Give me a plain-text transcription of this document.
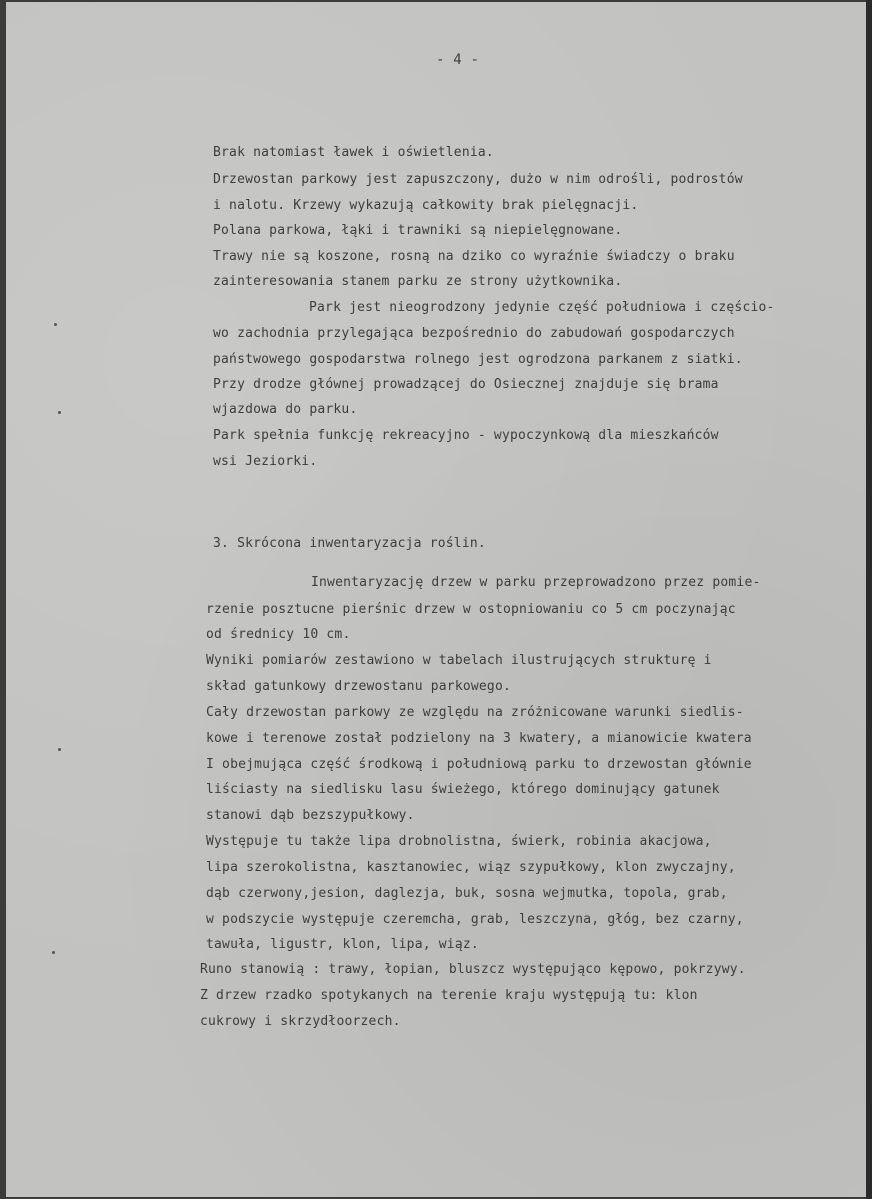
- 4 -
Brak natomiast ławek i oświetlenia.
Drzewostan parkowy jest zapuszczony, dużo w nim odrośli, podrostów
i nalotu. Krzewy wykazują całkowity brak pielęgnacji.
Polana parkowa, łąki i trawniki są niepielęgnowane.
Trawy nie są koszone, rosną na dziko co wyraźnie świadczy o braku
zainteresowania stanem parku ze strony użytkownika.
Park jest nieogrodzony jedynie część południowa i częścio-
wo zachodnia przylegająca bezpośrednio do zabudowań gospodarczych
państwowego gospodarstwa rolnego jest ogrodzona parkanem z siatki.
Przy drodze głównej prowadzącej do Osiecznej znajduje się brama
wjazdowa do parku.
Park spełnia funkcję rekreacyjno - wypoczynkową dla mieszkańców
wsi Jeziorki.
3. Skrócona inwentaryzacja roślin.
Inwentaryzację drzew w parku przeprowadzono przez pomie-
rzenie posztucne pierśnic drzew w ostopniowaniu co 5 cm poczynając
od średnicy 10 cm.
Wyniki pomiarów zestawiono w tabelach ilustrujących strukturę i
skład gatunkowy drzewostanu parkowego.
Cały drzewostan parkowy ze względu na zróżnicowane warunki siedlis-
kowe i terenowe został podzielony na 3 kwatery, a mianowicie kwatera
I obejmująca część środkową i południową parku to drzewostan głównie
liściasty na siedlisku lasu świeżego, którego dominujący gatunek
stanowi dąb bezszypułkowy.
Występuje tu także lipa drobnolistna, świerk, robinia akacjowa,
lipa szerokolistna, kasztanowiec, wiąz szypułkowy, klon zwyczajny,
dąb czerwony,jesion, daglezja, buk, sosna wejmutka, topola, grab,
w podszycie występuje czeremcha, grab, leszczyna, głóg, bez czarny,
tawuła, ligustr, klon, lipa, wiąz.
Runo stanowią : trawy, łopian, bluszcz występująco kępowo, pokrzywy.
Z drzew rzadko spotykanych na terenie kraju występują tu: klon
cukrowy i skrzydłoorzech.
